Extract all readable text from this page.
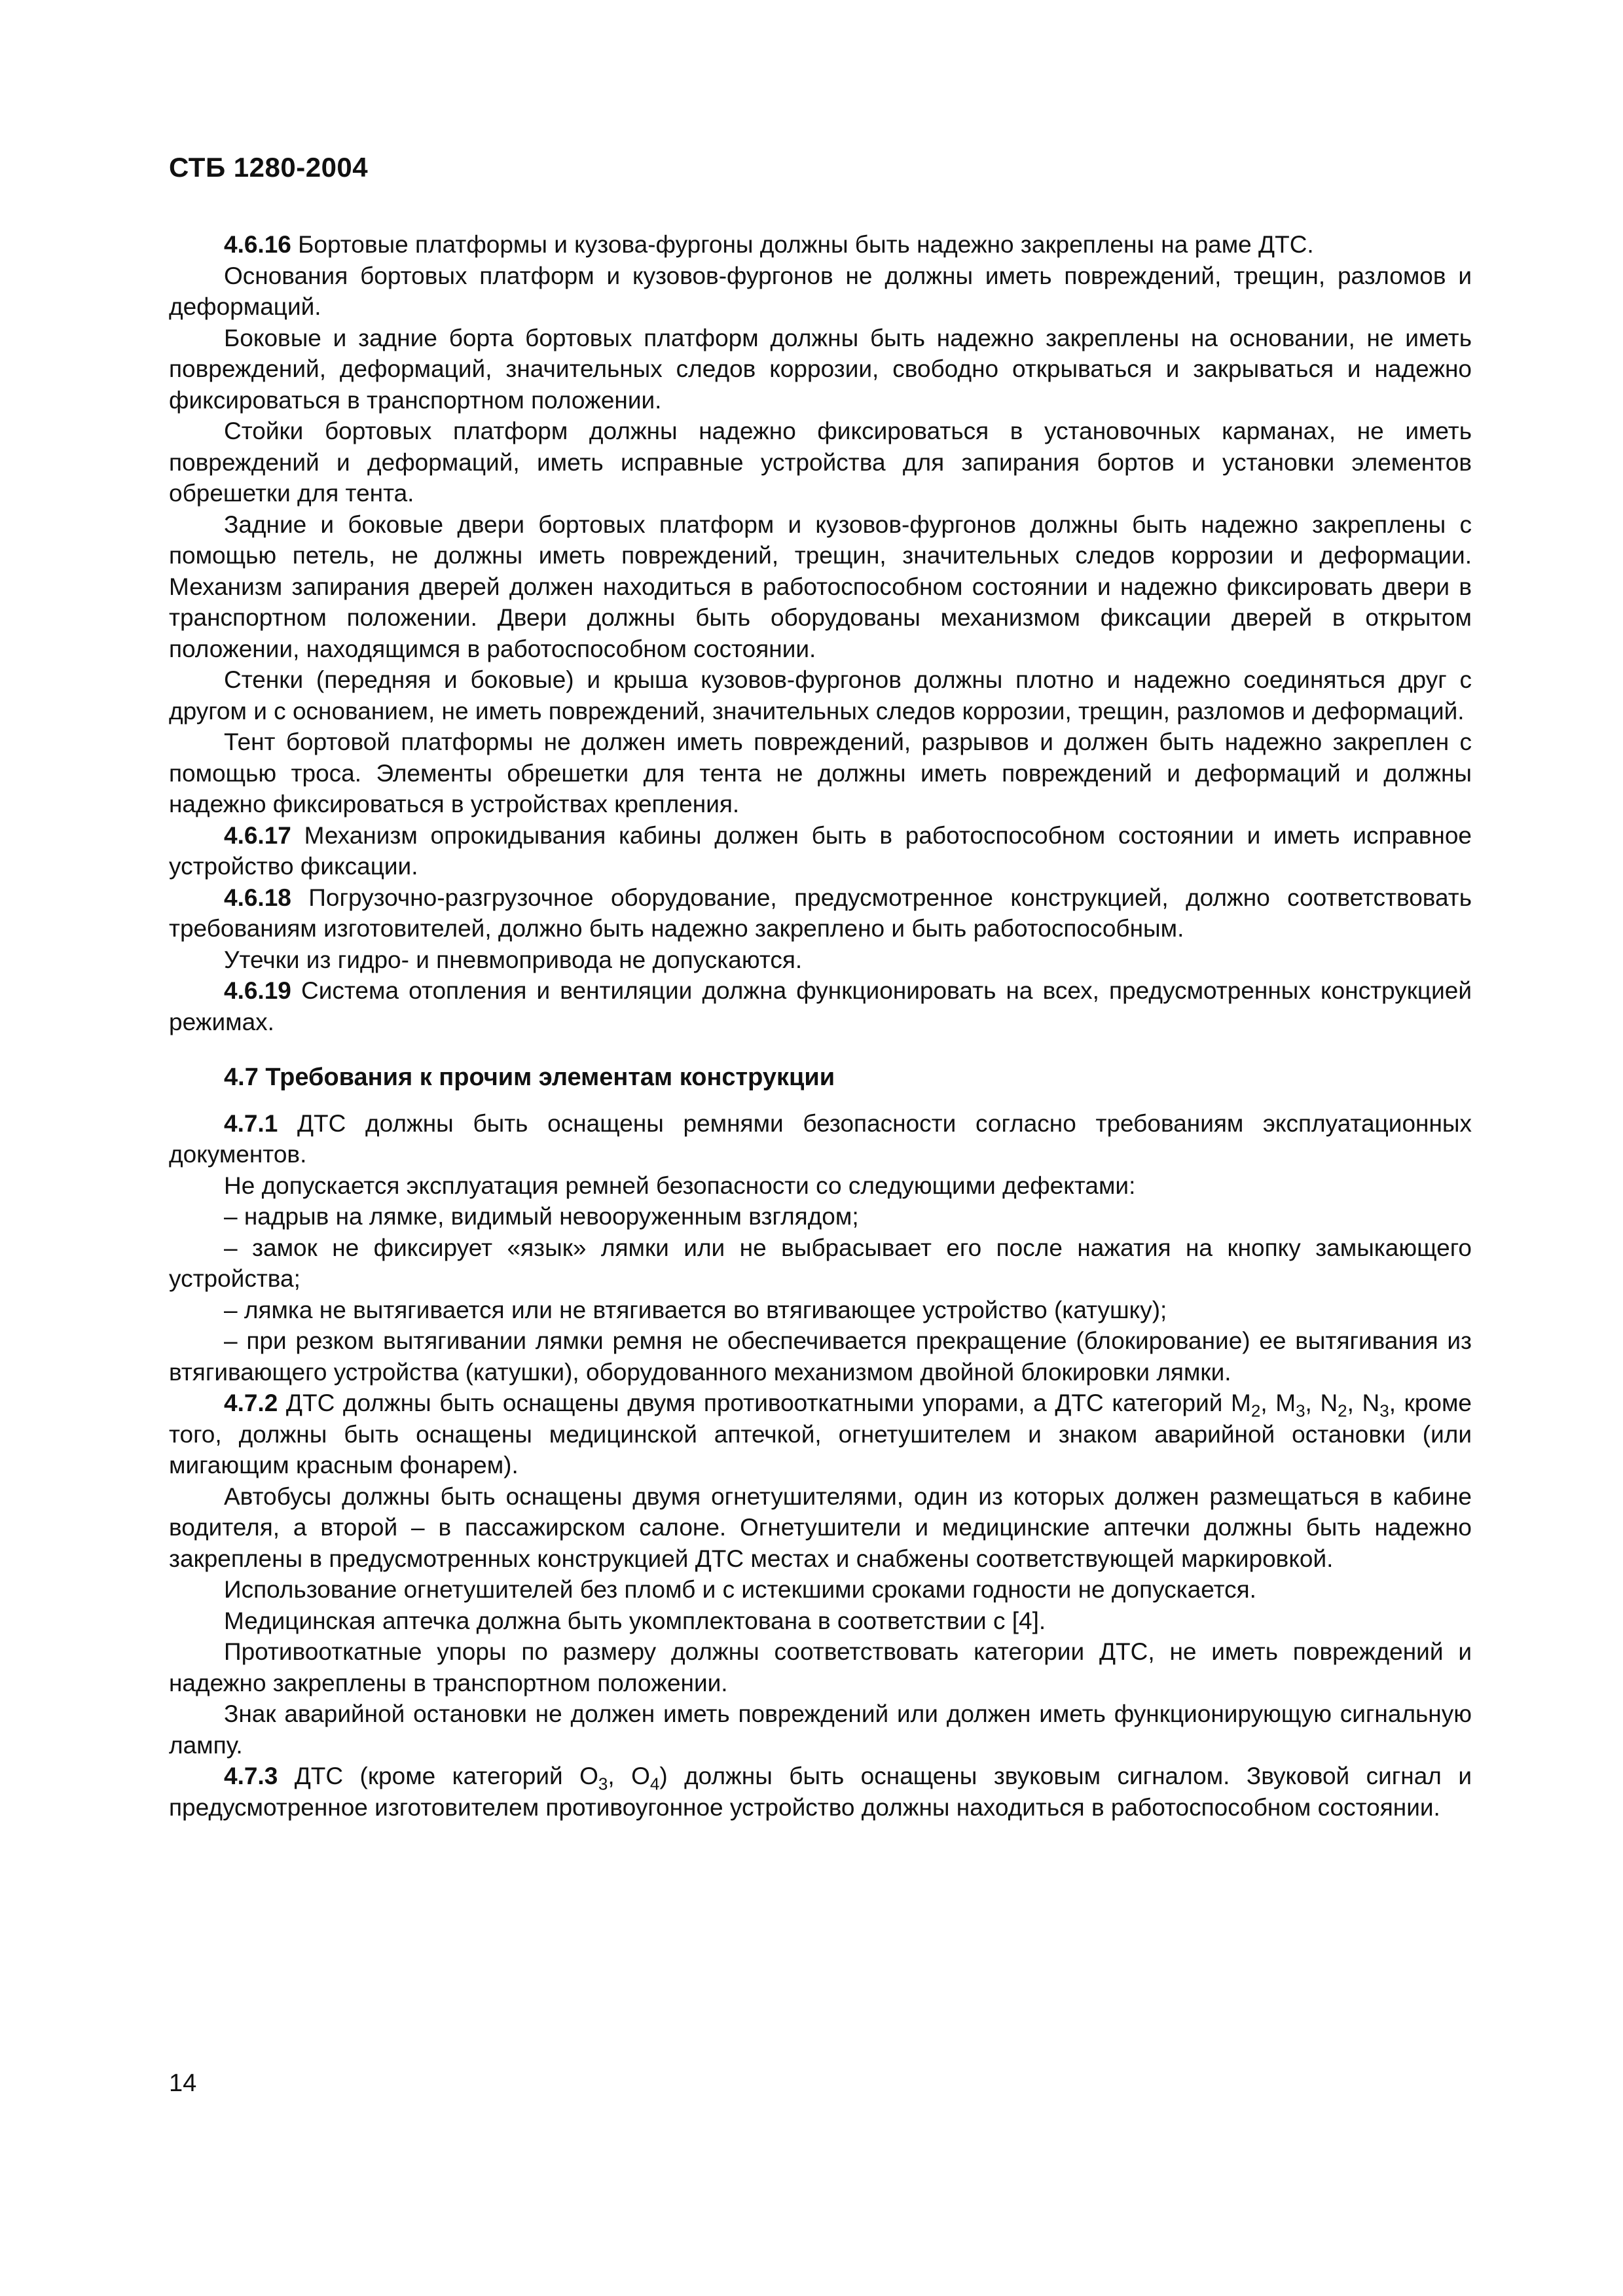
СТБ 1280-2004

4.6.16 Бортовые платформы и кузова-фургоны должны быть надежно закреплены на раме ДТС.

Основания бортовых платформ и кузовов-фургонов не должны иметь повреждений, трещин, разломов и деформаций.

Боковые и задние борта бортовых платформ должны быть надежно закреплены на основании, не иметь повреждений, деформаций, значительных следов коррозии, свободно открываться и закрываться и надежно фиксироваться в транспортном положении.

Стойки бортовых платформ должны надежно фиксироваться в установочных карманах, не иметь повреждений и деформаций, иметь исправные устройства для запирания бортов и установки элементов обрешетки для тента.

Задние и боковые двери бортовых платформ и кузовов-фургонов должны быть надежно закреплены с помощью петель, не должны иметь повреждений, трещин, значительных следов коррозии и деформации. Механизм запирания дверей должен находиться в работоспособном состоянии и надежно фиксировать двери в транспортном положении. Двери должны быть оборудованы механизмом фиксации дверей в открытом положении, находящимся в работоспособном состоянии.

Стенки (передняя и боковые) и крыша кузовов-фургонов должны плотно и надежно соединяться друг с другом и с основанием, не иметь повреждений, значительных следов коррозии, трещин, разломов и деформаций.

Тент бортовой платформы не должен иметь повреждений, разрывов и должен быть надежно закреплен с помощью троса. Элементы обрешетки для тента не должны иметь повреждений и деформаций и должны надежно фиксироваться в устройствах крепления.

4.6.17 Механизм опрокидывания кабины должен быть в работоспособном состоянии и иметь исправное устройство фиксации.

4.6.18 Погрузочно-разгрузочное оборудование, предусмотренное конструкцией, должно соответствовать требованиям изготовителей, должно быть надежно закреплено и быть работоспособным.

Утечки из гидро- и пневмопривода не допускаются.

4.6.19 Система отопления и вентиляции должна функционировать на всех, предусмотренных конструкцией режимах.

4.7 Требования к прочим элементам конструкции

4.7.1 ДТС должны быть оснащены ремнями безопасности согласно требованиям эксплуатационных документов.

Не допускается эксплуатация ремней безопасности со следующими дефектами:

– надрыв на лямке, видимый невооруженным взглядом;

– замок не фиксирует «язык» лямки или не выбрасывает его после нажатия на кнопку замыкающего устройства;

– лямка не вытягивается или не втягивается во втягивающее устройство (катушку);

– при резком вытягивании лямки ремня не обеспечивается прекращение (блокирование) ее вытягивания из втягивающего устройства (катушки), оборудованного механизмом двойной блокировки лямки.

4.7.2 ДТС должны быть оснащены двумя противооткатными упорами, а ДТС категорий $M_2$, $M_3$, $N_2$, $N_3$, кроме того, должны быть оснащены медицинской аптечкой, огнетушителем и знаком аварийной остановки (или мигающим красным фонарем).

Автобусы должны быть оснащены двумя огнетушителями, один из которых должен размещаться в кабине водителя, а второй – в пассажирском салоне. Огнетушители и медицинские аптечки должны быть надежно закреплены в предусмотренных конструкцией ДТС местах и снабжены соответствующей маркировкой.

Использование огнетушителей без пломб и с истекшими сроками годности не допускается.

Медицинская аптечка должна быть укомплектована в соответствии с [4].

Противооткатные упоры по размеру должны соответствовать категории ДТС, не иметь повреждений и надежно закреплены в транспортном положении.

Знак аварийной остановки не должен иметь повреждений или должен иметь функционирующую сигнальную лампу.

4.7.3 ДТС (кроме категорий $O_3$, $O_4$) должны быть оснащены звуковым сигналом. Звуковой сигнал и предусмотренное изготовителем противоугонное устройство должны находиться в работоспособном состоянии.

14
